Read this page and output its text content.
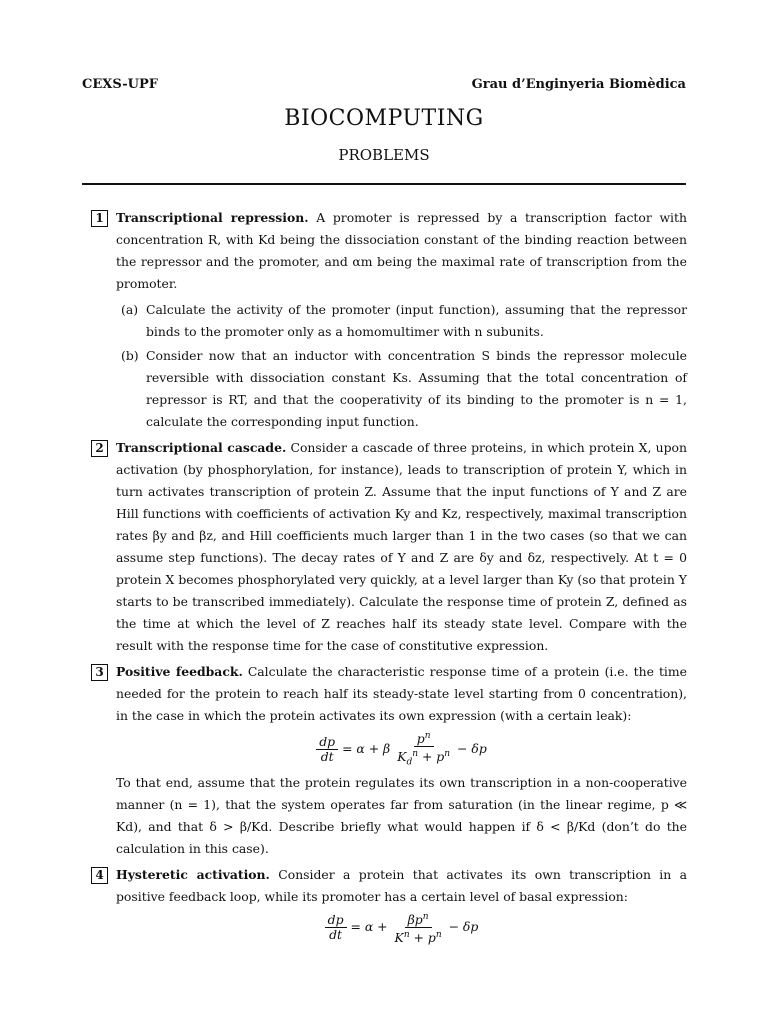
CEXS-UPF	Grau d’Enginyeria Biomèdica
BIOCOMPUTING
PROBLEMS
1 Transcriptional repression. A promoter is repressed by a transcription factor with concentration R, with Kd being the dissociation constant of the binding reaction between the repressor and the promoter, and αm being the maximal rate of transcription from the promoter.
(a) Calculate the activity of the promoter (input function), assuming that the repressor binds to the promoter only as a homomultimer with n subunits.
(b) Consider now that an inductor with concentration S binds the repressor molecule reversible with dissociation constant Ks. Assuming that the total concentration of repressor is RT, and that the cooperativity of its binding to the promoter is n = 1, calculate the corresponding input function.
2 Transcriptional cascade. Consider a cascade of three proteins, in which protein X, upon activation (by phosphorylation, for instance), leads to transcription of protein Y, which in turn activates transcription of protein Z. Assume that the input functions of Y and Z are Hill functions with coefficients of activation Ky and Kz, respectively, maximal transcription rates βy and βz, and Hill coefficients much larger than 1 in the two cases (so that we can assume step functions). The decay rates of Y and Z are δy and δz, respectively. At t = 0 protein X becomes phosphorylated very quickly, at a level larger than Ky (so that protein Y starts to be transcribed immediately). Calculate the response time of protein Z, defined as the time at which the level of Z reaches half its steady state level. Compare with the result with the response time for the case of constitutive expression.
3 Positive feedback. Calculate the characteristic response time of a protein (i.e. the time needed for the protein to reach half its steady-state level starting from 0 concentration), in the case in which the protein activates its own expression (with a certain leak):
$\frac{dp}{dt} = \alpha + \beta \frac{p^n}{K_d^n + p^n} - \delta p$
To that end, assume that the protein regulates its own transcription in a non-cooperative manner (n = 1), that the system operates far from saturation (in the linear regime, p ≪ Kd), and that δ > β/Kd. Describe briefly what would happen if δ < β/Kd (don’t do the calculation in this case).
4 Hysteretic activation. Consider a protein that activates its own transcription in a positive feedback loop, while its promoter has a certain level of basal expression:
$\frac{dp}{dt} = \alpha + \frac{\beta p^n}{K^n + p^n} - \delta p$
